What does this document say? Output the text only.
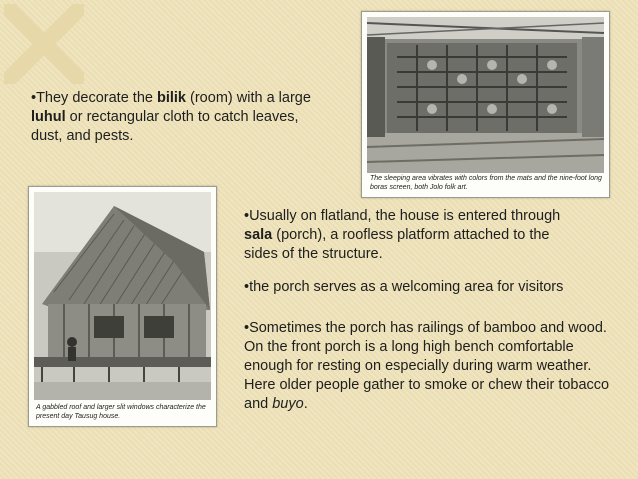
•They decorate the bilik (room) with a large luhul or rectangular cloth to catch leaves, dust, and pests.

The sleeping area vibrates with colors from the mats and the nine-foot long boras screen, both Jolo folk art.
A gabbled roof and larger slit windows characterize the present day Tausug house.

•Usually on flatland, the house is entered through sala (porch), a roofless platform attached to the sides of the structure.

•the porch serves as a welcoming area for visitors

•Sometimes the porch has railings of bamboo and wood. On the front porch is a long high bench comfortable enough for resting on especially during warm weather. Here older people gather to smoke or chew their tobacco and buyo.
